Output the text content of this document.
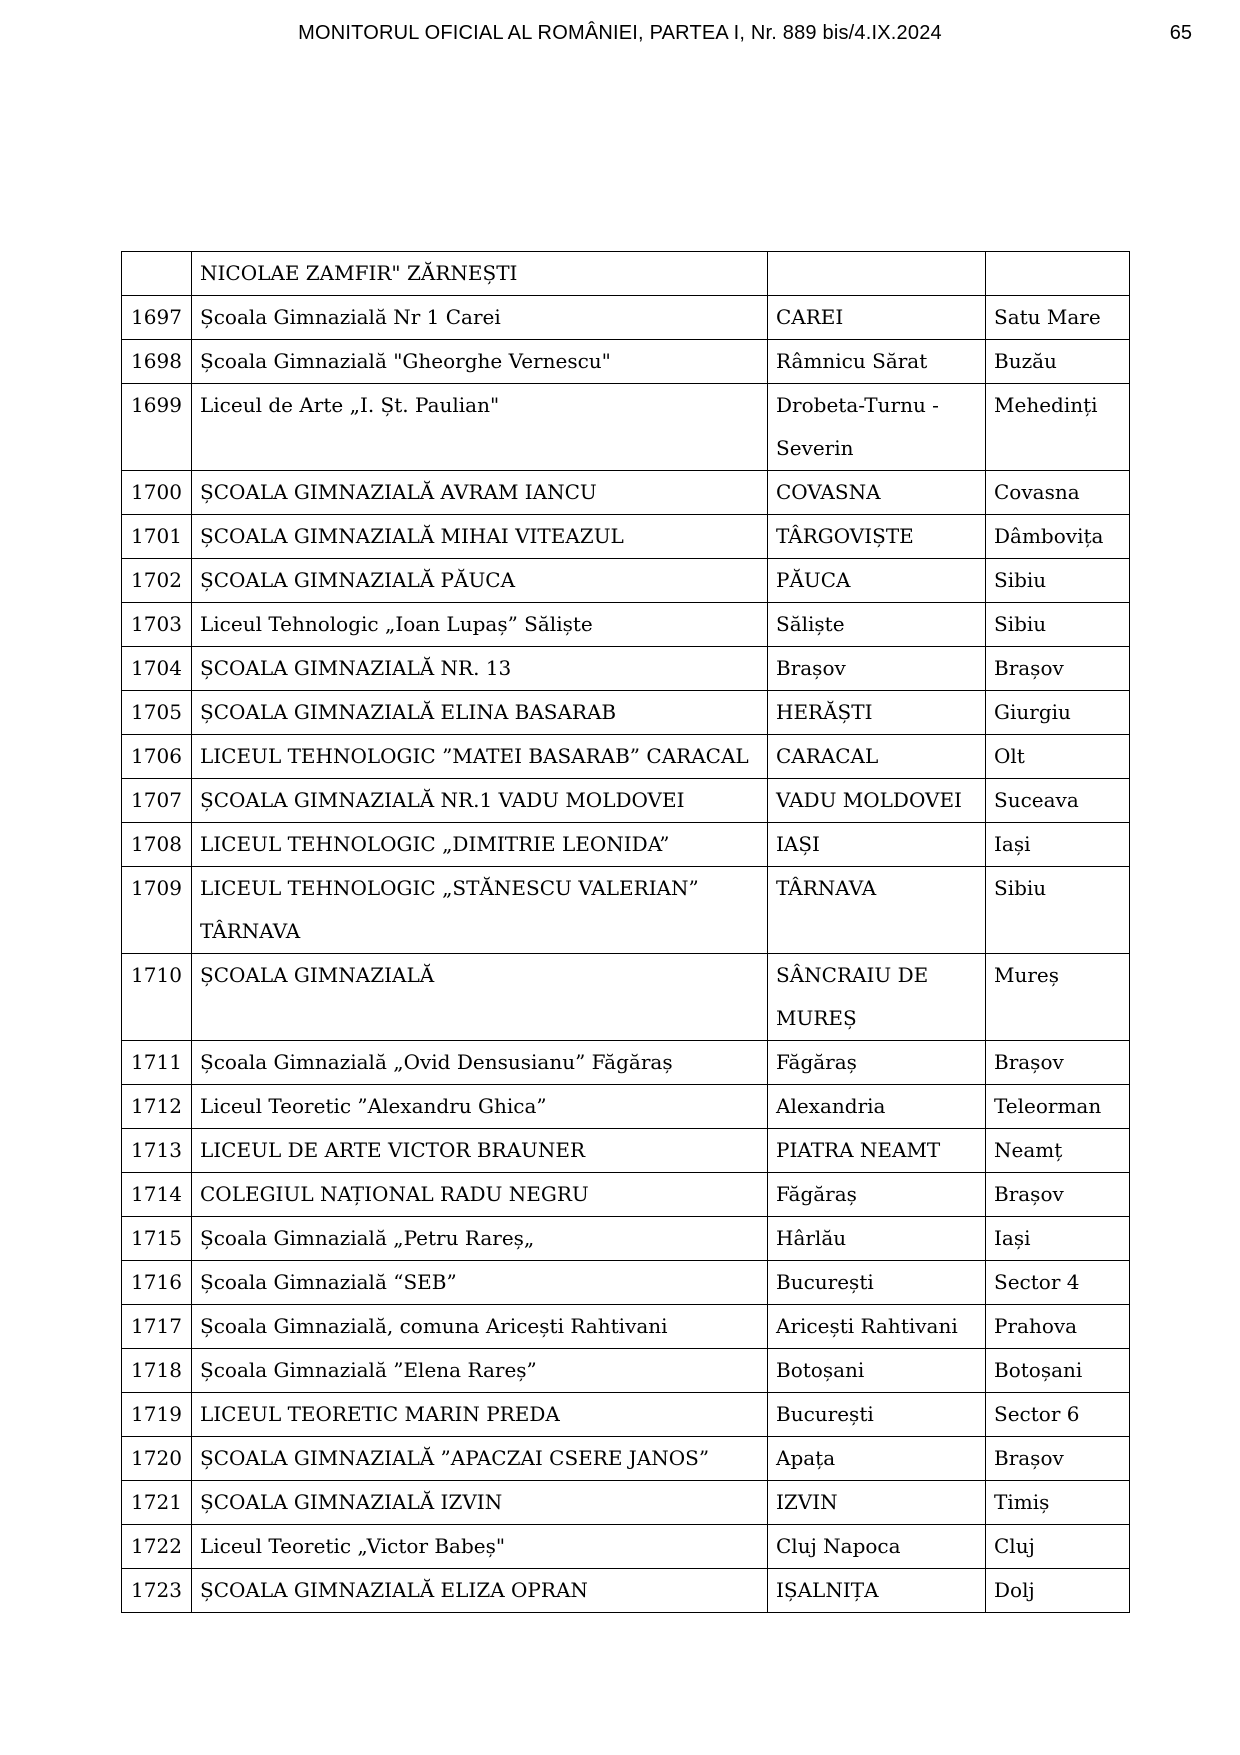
MONITORUL OFICIAL AL ROMÂNIEI, PARTEA I, Nr. 889 bis/4.IX.2024	65
	NICOLAE ZAMFIR" ZĂRNEȘTI		
1697	Școala Gimnazială Nr 1 Carei	CAREI	Satu Mare
1698	Școala Gimnazială "Gheorghe Vernescu"	Râmnicu Sărat	Buzău
1699	Liceul de Arte „I. Șt. Paulian"	Drobeta-Turnu - Severin	Mehedinți
1700	ȘCOALA GIMNAZIALĂ AVRAM IANCU	COVASNA	Covasna
1701	ȘCOALA GIMNAZIALĂ MIHAI VITEAZUL	TÂRGOVIȘTE	Dâmbovița
1702	ȘCOALA GIMNAZIALĂ PĂUCA	PĂUCA	Sibiu
1703	Liceul Tehnologic „Ioan Lupaș” Săliște	Săliște	Sibiu
1704	ȘCOALA GIMNAZIALĂ NR. 13	Brașov	Brașov
1705	ȘCOALA GIMNAZIALĂ ELINA BASARAB	HERĂȘTI	Giurgiu
1706	LICEUL TEHNOLOGIC ”MATEI BASARAB” CARACAL	CARACAL	Olt
1707	ȘCOALA GIMNAZIALĂ NR.1 VADU MOLDOVEI	VADU MOLDOVEI	Suceava
1708	LICEUL TEHNOLOGIC „DIMITRIE LEONIDA”	IAȘI	Iași
1709	LICEUL TEHNOLOGIC „STĂNESCU VALERIAN” TÂRNAVA	TÂRNAVA	Sibiu
1710	ȘCOALA GIMNAZIALĂ	SÂNCRAIU DE MUREȘ	Mureș
1711	Școala Gimnazială „Ovid Densusianu” Făgăraș	Făgăraș	Brașov
1712	Liceul Teoretic ”Alexandru Ghica”	Alexandria	Teleorman
1713	LICEUL DE ARTE VICTOR BRAUNER	PIATRA NEAMT	Neamț
1714	COLEGIUL NAȚIONAL RADU NEGRU	Făgăraș	Brașov
1715	Școala Gimnazială „Petru Rareș„	Hârlău	Iași
1716	Școala Gimnazială “SEB”	București	Sector 4
1717	Școala Gimnazială, comuna Aricești Rahtivani	Aricești Rahtivani	Prahova
1718	Școala Gimnazială ”Elena Rareș”	Botoșani	Botoșani
1719	LICEUL TEORETIC MARIN PREDA	București	Sector 6
1720	ȘCOALA GIMNAZIALĂ ”APACZAI CSERE JANOS”	Apața	Brașov
1721	ȘCOALA GIMNAZIALĂ IZVIN	IZVIN	Timiș
1722	Liceul Teoretic „Victor Babeș"	Cluj Napoca	Cluj
1723	ȘCOALA GIMNAZIALĂ ELIZA OPRAN	IȘALNIȚA	Dolj
